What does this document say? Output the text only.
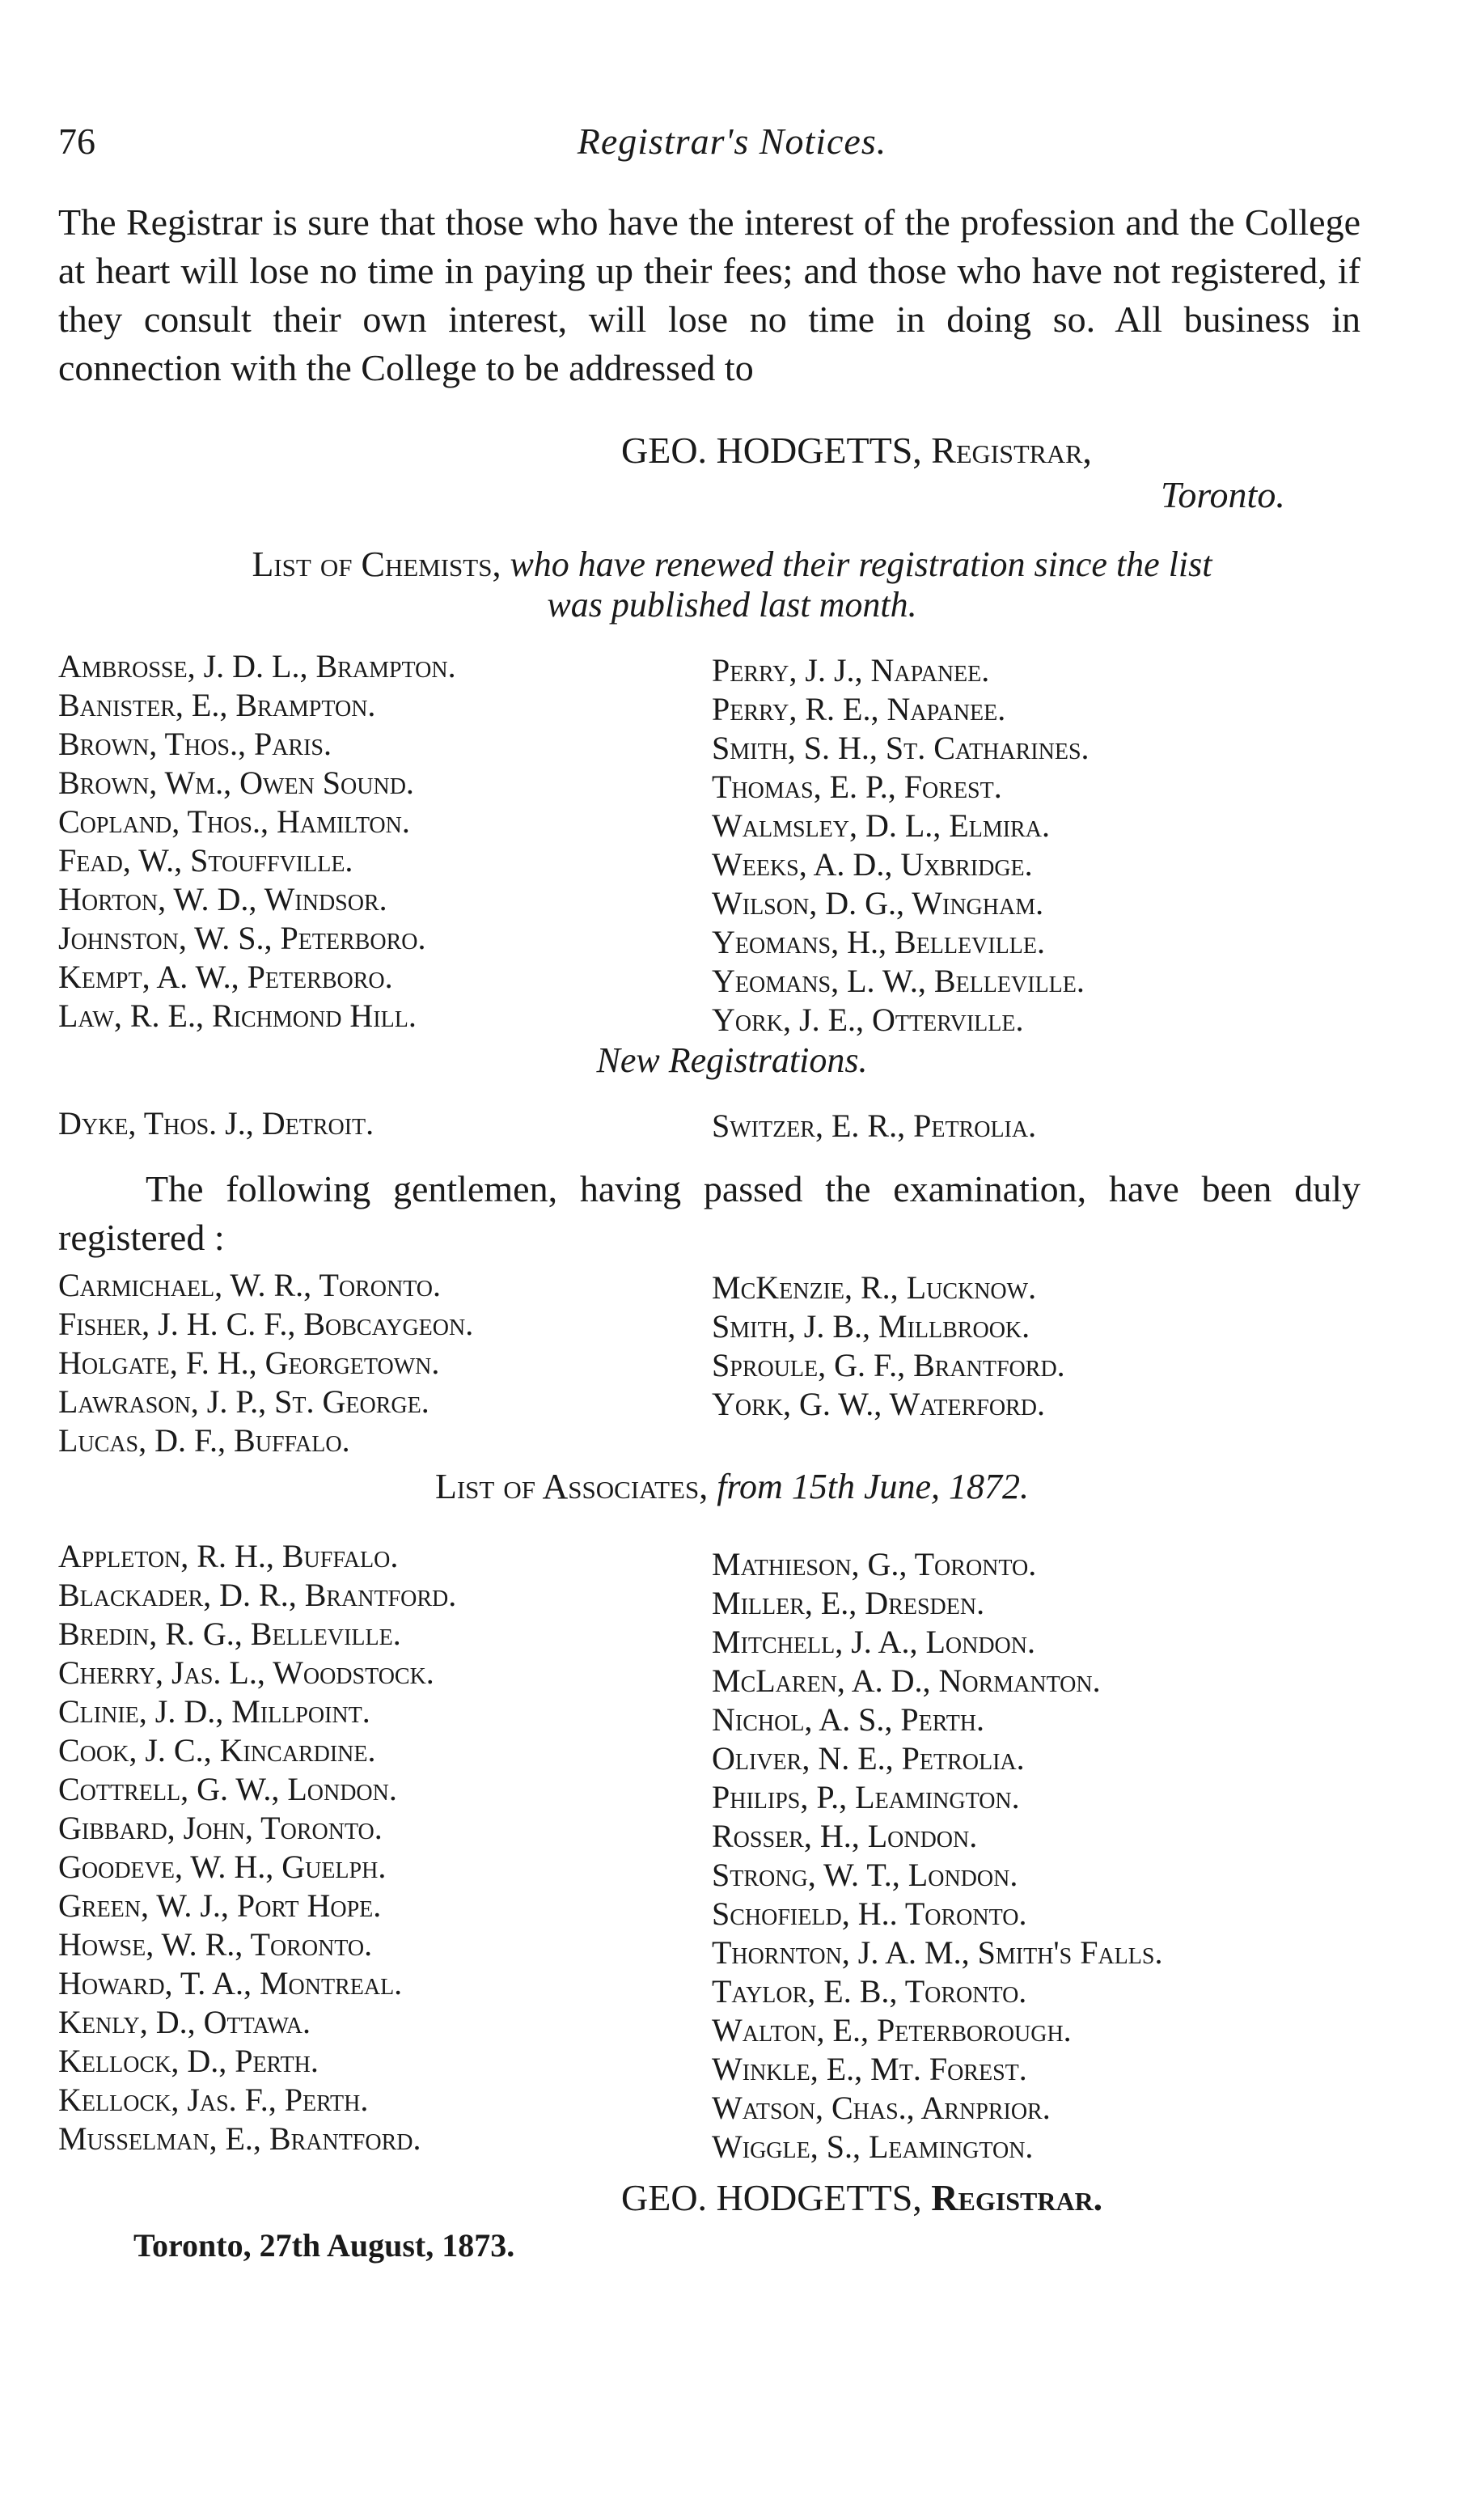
Registrar's Notices.
76

The Registrar is sure that those who have the interest of the profession and the College at heart will lose no time in paying up their fees; and those who have not registered, if they consult their own interest, will lose no time in doing so. All business in connection with the College to be addressed to

GEO. HODGETTS, Registrar,
Toronto.
List of Chemists, who have renewed their registration since the list
was published last month.
Ambrosse, J. D. L., Brampton.
Banister, E., Brampton.
Brown, Thos., Paris.
Brown, Wm., Owen Sound.
Copland, Thos., Hamilton.
Fead, W., Stouffville.
Horton, W. D., Windsor.
Johnston, W. S., Peterboro.
Kempt, A. W., Peterboro.
Law, R. E., Richmond Hill.
Perry, J. J., Napanee.
Perry, R. E., Napanee.
Smith, S. H., St. Catharines.
Thomas, E. P., Forest.
Walmsley, D. L., Elmira.
Weeks, A. D., Uxbridge.
Wilson, D. G., Wingham.
Yeomans, H., Belleville.
Yeomans, L. W., Belleville.
York, J. E., Otterville.
New Registrations.
Dyke, Thos. J., Detroit.	Switzer, E. R., Petrolia.

The following gentlemen, having passed the examination, have been duly registered :

Carmichael, W. R., Toronto.
Fisher, J. H. C. F., Bobcaygeon.
Holgate, F. H., Georgetown.
Lawrason, J. P., St. George.
Lucas, D. F., Buffalo.
McKenzie, R., Lucknow.
Smith, J. B., Millbrook.
Sproule, G. F., Brantford.
York, G. W., Waterford.
List of Associates, from 15th June, 1872.
Appleton, R. H., Buffalo.
Blackader, D. R., Brantford.
Bredin, R. G., Belleville.
Cherry, Jas. L., Woodstock.
Clinie, J. D., Millpoint.
Cook, J. C., Kincardine.
Cottrell, G. W., London.
Gibbard, John, Toronto.
Goodeve, W. H., Guelph.
Green, W. J., Port Hope.
Howse, W. R., Toronto.
Howard, T. A., Montreal.
Kenly, D., Ottawa.
Kellock, D., Perth.
Kellock, Jas. F., Perth.
Musselman, E., Brantford.
Mathieson, G., Toronto.
Miller, E., Dresden.
Mitchell, J. A., London.
McLaren, A. D., Normanton.
Nichol, A. S., Perth.
Oliver, N. E., Petrolia.
Philips, P., Leamington.
Rosser, H., London.
Strong, W. T., London.
Schofield, H.. Toronto.
Thornton, J. A. M., Smith's Falls.
Taylor, E. B., Toronto.
Walton, E., Peterborough.
Winkle, E., Mt. Forest.
Watson, Chas., Arnprior.
Wiggle, S., Leamington.
GEO. HODGETTS, Registrar.
Toronto, 27th August, 1873.
